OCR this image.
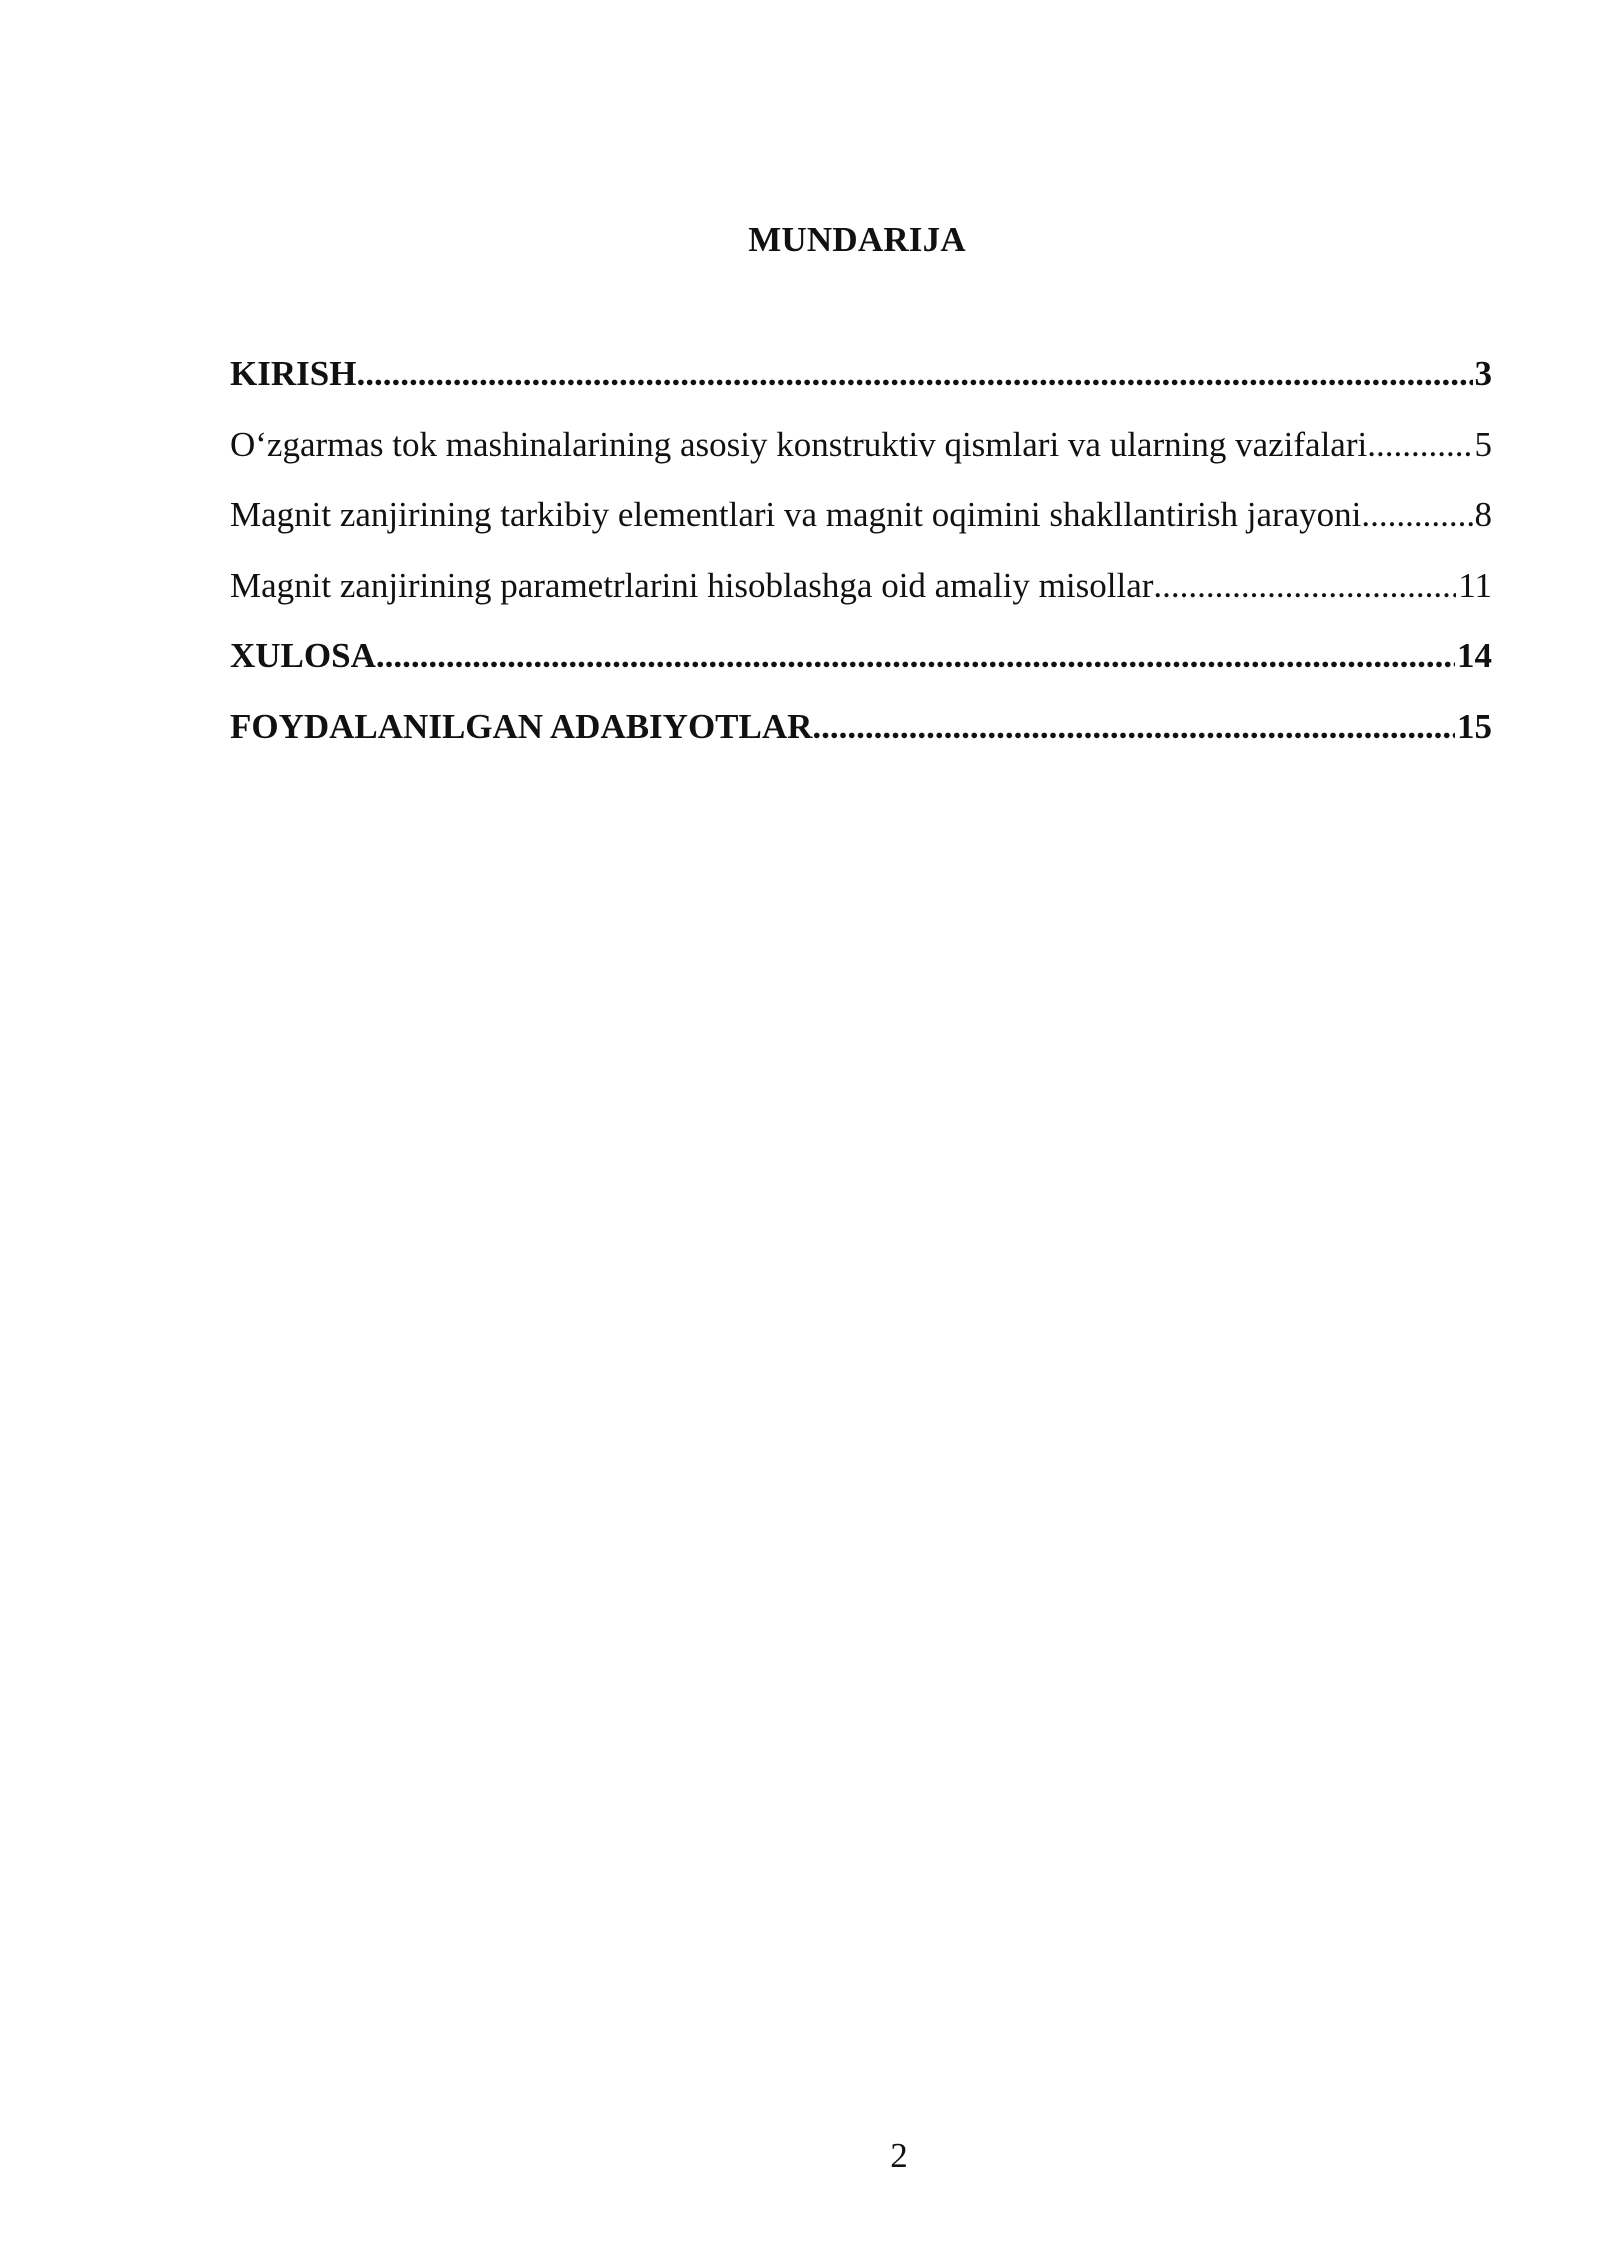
MUNDARIJA
KIRISH .....	3
O‘zgarmas tok mashinalarining asosiy konstruktiv qismlari va ularning vazifalari .....	5
Magnit zanjirining tarkibiy elementlari va magnit oqimini shakllantirish jarayoni .....	8
Magnit zanjirining parametrlarini hisoblashga oid amaliy misollar .....	11
XULOSA .....	14
FOYDALANILGAN ADABIYOTLAR .....	15
2
